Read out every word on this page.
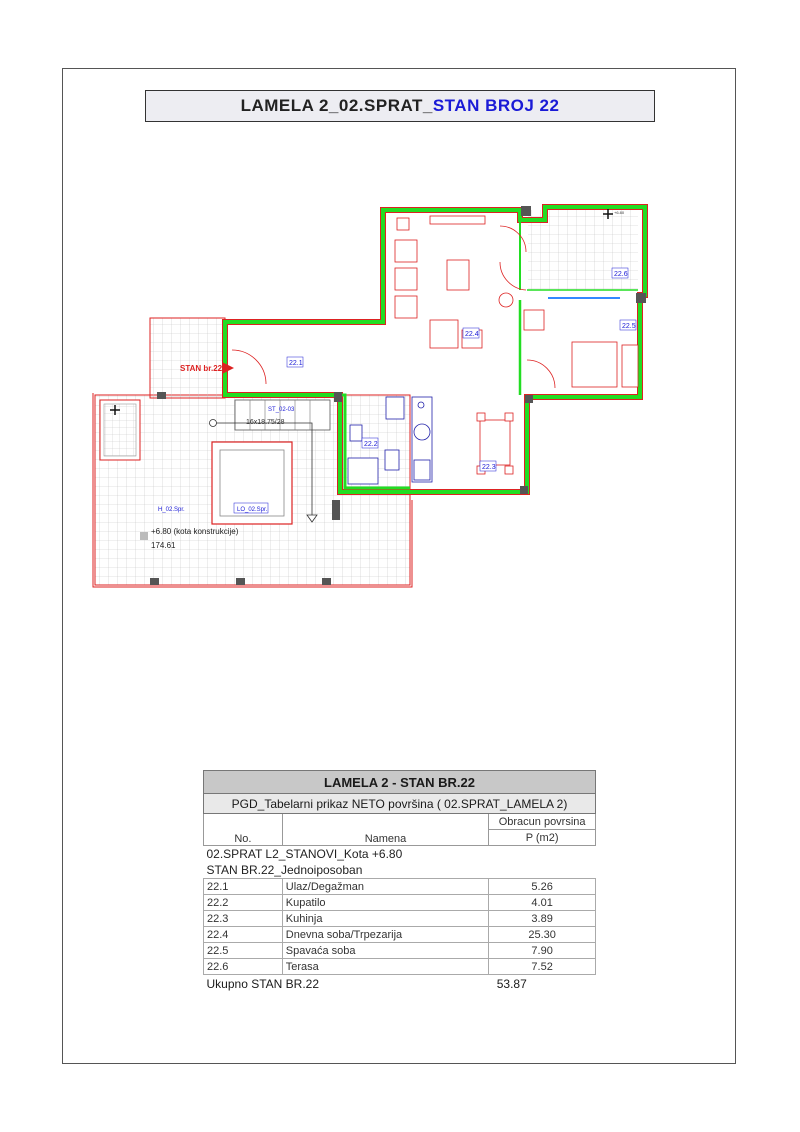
LAMELA 2_02.SPRAT_STAN BROJ 22
STAN br.22
22.1
22.2
22.3
22.4
22.5
22.6
ST_02-03
H_02.Spr.	LO_02.Spr.
16x18.75/28
+6.80 (kota konstrukcije)
174.61
+6.80
LAMELA 2 - STAN BR.22		
PGD_Tabelarni prikaz NETO površina ( 02.SPRAT_LAMELA 2)		
No.	Namena	Obracun povrsina
		P (m2)
02.SPRAT L2_STANOVI_Kota +6.80		
STAN BR.22_Jednoiposoban		
22.1	Ulaz/Degažman	5.26
22.2	Kupatilo	4.01
22.3	Kuhinja	3.89
22.4	Dnevna soba/Trpezarija	25.30
22.5	Spavaća soba	7.90
22.6	Terasa	7.52
Ukupno STAN BR.22		53.87
